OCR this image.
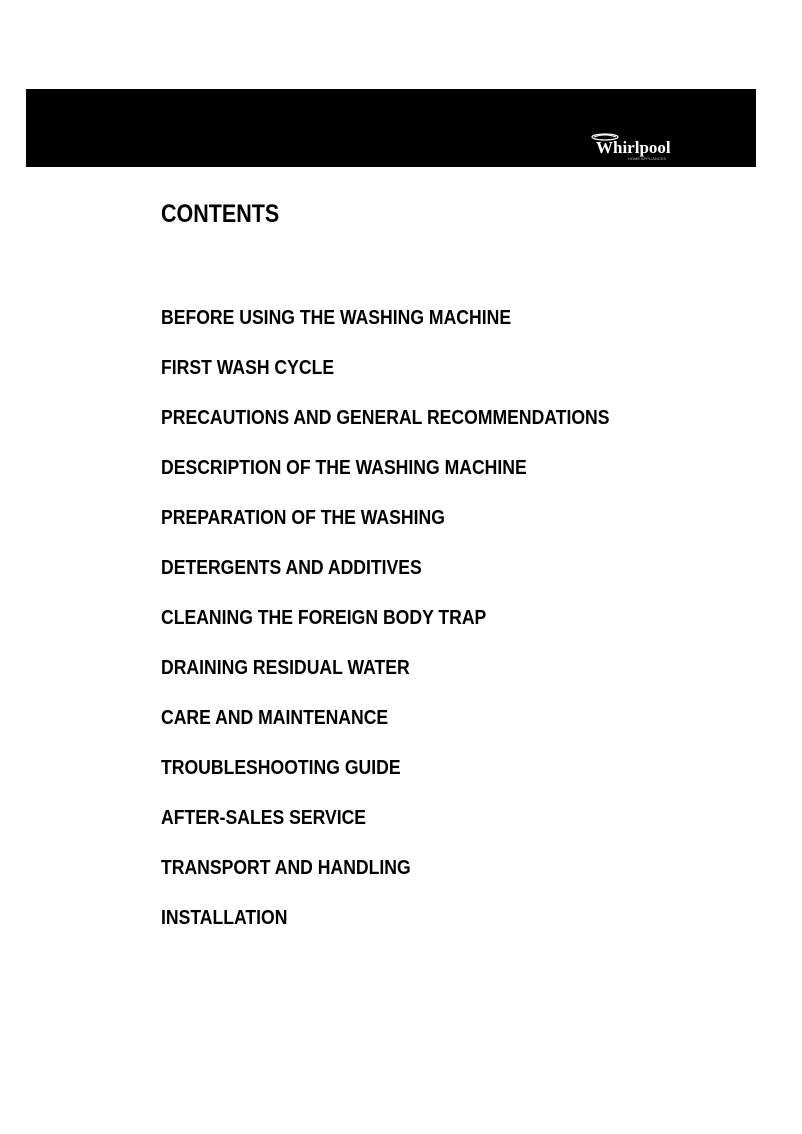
Whirlpool
HOME APPLIANCES
CONTENTS
BEFORE USING THE WASHING MACHINE
FIRST WASH CYCLE
PRECAUTIONS AND GENERAL RECOMMENDATIONS
DESCRIPTION OF THE WASHING MACHINE
PREPARATION OF THE WASHING
DETERGENTS AND ADDITIVES
CLEANING THE FOREIGN BODY TRAP
DRAINING RESIDUAL WATER
CARE AND MAINTENANCE
TROUBLESHOOTING GUIDE
AFTER-SALES SERVICE
TRANSPORT AND HANDLING
INSTALLATION
